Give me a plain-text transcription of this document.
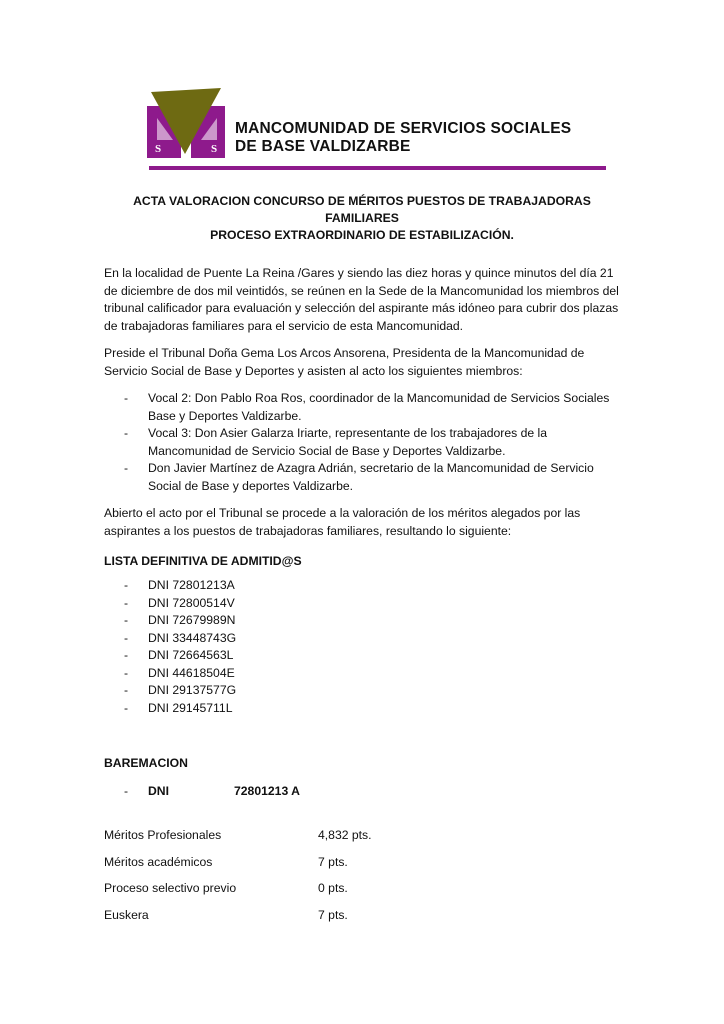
S	S
MANCOMUNIDAD DE SERVICIOS SOCIALES
DE BASE VALDIZARBE
ACTA VALORACION CONCURSO DE MÉRITOS PUESTOS DE TRABAJADORAS FAMILIARES
PROCESO EXTRAORDINARIO DE ESTABILIZACIÓN.
En la localidad de Puente La Reina /Gares y siendo las diez horas y quince minutos del día 21 de diciembre de dos mil veintidós, se reúnen en la Sede de la Mancomunidad los miembros del tribunal calificador para evaluación y selección del aspirante más idóneo para cubrir dos plazas de trabajadoras familiares para el servicio de esta Mancomunidad.
Preside el Tribunal Doña Gema Los Arcos Ansorena, Presidenta de la Mancomunidad de Servicio Social de Base y Deportes y asisten al acto los siguientes miembros:
- Vocal 2: Don Pablo Roa Ros, coordinador de la Mancomunidad de Servicios Sociales Base y Deportes Valdizarbe.
- Vocal 3: Don Asier Galarza Iriarte, representante de los trabajadores de la Mancomunidad de Servicio Social de Base y Deportes Valdizarbe.
- Don Javier Martínez de Azagra Adrián, secretario de la Mancomunidad de Servicio Social de Base y deportes Valdizarbe.
Abierto el acto por el Tribunal se procede a la valoración de los méritos alegados por las aspirantes a los puestos de trabajadoras familiares, resultando lo siguiente:
LISTA DEFINITIVA DE ADMITID@S
- DNI 72801213A
- DNI 72800514V
- DNI 72679989N
- DNI 33448743G
- DNI 72664563L
- DNI 44618504E
- DNI 29137577G
- DNI 29145711L
BAREMACION
- DNI	72801213 A
Méritos Profesionales	4,832 pts.
Méritos académicos	7 pts.
Proceso selectivo previo	0 pts.
Euskera	7 pts.
